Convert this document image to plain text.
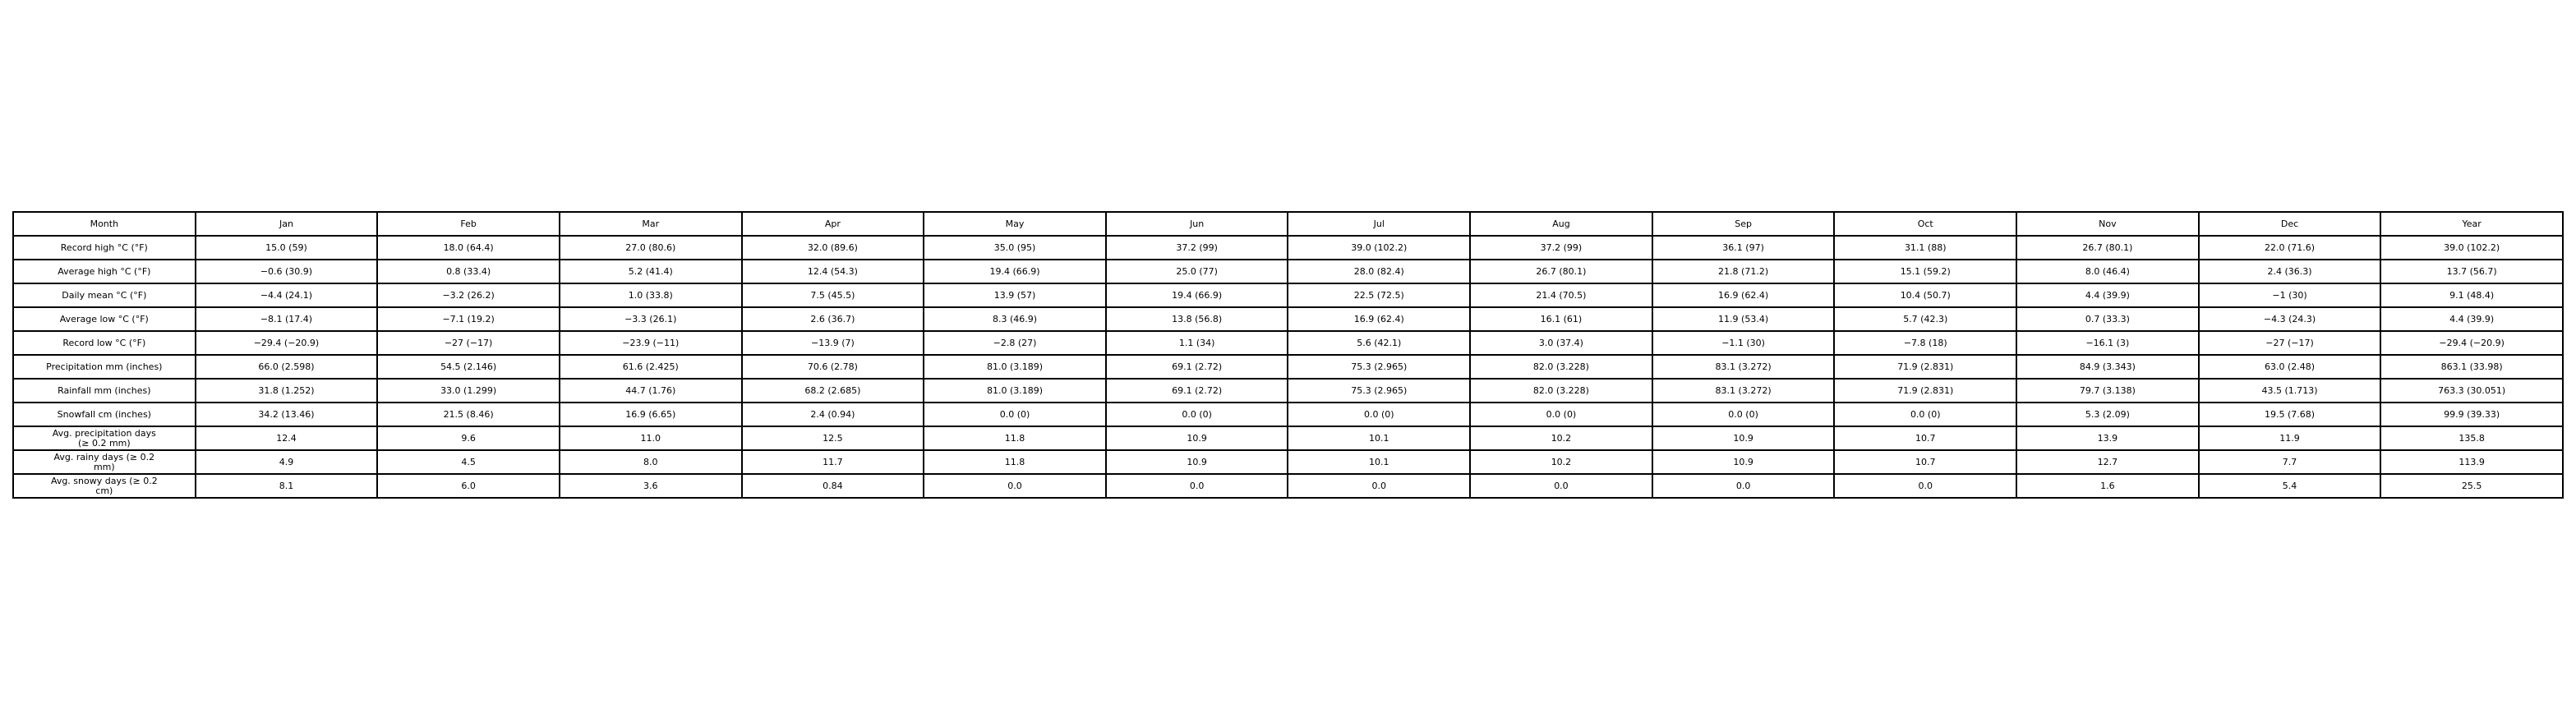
Month	Jan	Feb	Mar	Apr	May	Jun	Jul	Aug	Sep	Oct	Nov	Dec	Year
Record high °C (°F)	15.0 (59)	18.0 (64.4)	27.0 (80.6)	32.0 (89.6)	35.0 (95)	37.2 (99)	39.0 (102.2)	37.2 (99)	36.1 (97)	31.1 (88)	26.7 (80.1)	22.0 (71.6)	39.0 (102.2)
Average high °C (°F)	−0.6 (30.9)	0.8 (33.4)	5.2 (41.4)	12.4 (54.3)	19.4 (66.9)	25.0 (77)	28.0 (82.4)	26.7 (80.1)	21.8 (71.2)	15.1 (59.2)	8.0 (46.4)	2.4 (36.3)	13.7 (56.7)
Daily mean °C (°F)	−4.4 (24.1)	−3.2 (26.2)	1.0 (33.8)	7.5 (45.5)	13.9 (57)	19.4 (66.9)	22.5 (72.5)	21.4 (70.5)	16.9 (62.4)	10.4 (50.7)	4.4 (39.9)	−1 (30)	9.1 (48.4)
Average low °C (°F)	−8.1 (17.4)	−7.1 (19.2)	−3.3 (26.1)	2.6 (36.7)	8.3 (46.9)	13.8 (56.8)	16.9 (62.4)	16.1 (61)	11.9 (53.4)	5.7 (42.3)	0.7 (33.3)	−4.3 (24.3)	4.4 (39.9)
Record low °C (°F)	−29.4 (−20.9)	−27 (−17)	−23.9 (−11)	−13.9 (7)	−2.8 (27)	1.1 (34)	5.6 (42.1)	3.0 (37.4)	−1.1 (30)	−7.8 (18)	−16.1 (3)	−27 (−17)	−29.4 (−20.9)
Precipitation mm (inches)	66.0 (2.598)	54.5 (2.146)	61.6 (2.425)	70.6 (2.78)	81.0 (3.189)	69.1 (2.72)	75.3 (2.965)	82.0 (3.228)	83.1 (3.272)	71.9 (2.831)	84.9 (3.343)	63.0 (2.48)	863.1 (33.98)
Rainfall mm (inches)	31.8 (1.252)	33.0 (1.299)	44.7 (1.76)	68.2 (2.685)	81.0 (3.189)	69.1 (2.72)	75.3 (2.965)	82.0 (3.228)	83.1 (3.272)	71.9 (2.831)	79.7 (3.138)	43.5 (1.713)	763.3 (30.051)
Snowfall cm (inches)	34.2 (13.46)	21.5 (8.46)	16.9 (6.65)	2.4 (0.94)	0.0 (0)	0.0 (0)	0.0 (0)	0.0 (0)	0.0 (0)	0.0 (0)	5.3 (2.09)	19.5 (7.68)	99.9 (39.33)
Avg. precipitation days
(≥ 0.2 mm)	12.4	9.6	11.0	12.5	11.8	10.9	10.1	10.2	10.9	10.7	13.9	11.9	135.8
Avg. rainy days (≥ 0.2
mm)	4.9	4.5	8.0	11.7	11.8	10.9	10.1	10.2	10.9	10.7	12.7	7.7	113.9
Avg. snowy days (≥ 0.2
cm)	8.1	6.0	3.6	0.84	0.0	0.0	0.0	0.0	0.0	0.0	1.6	5.4	25.5
